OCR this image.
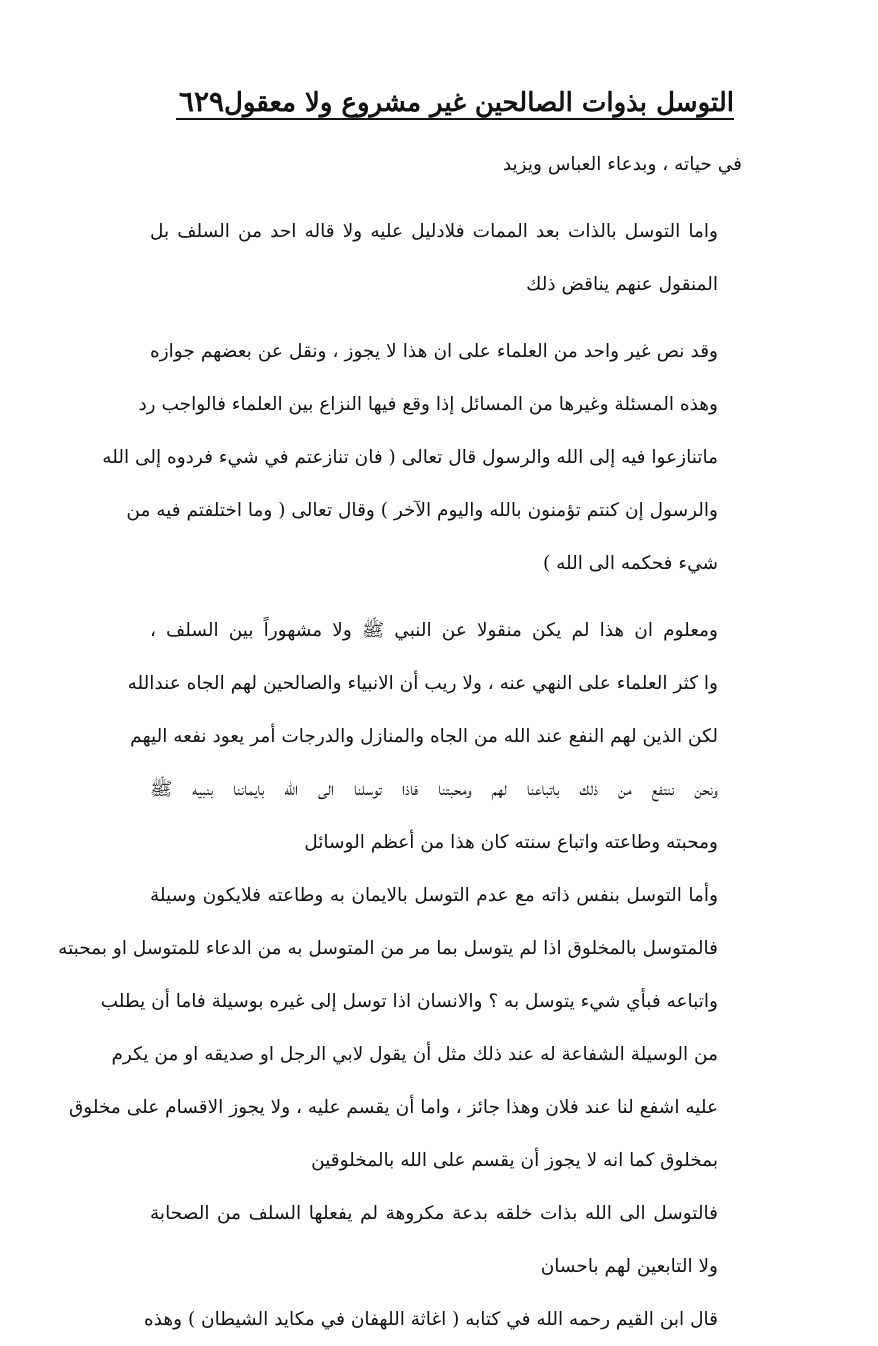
التوسل بذوات الصالحين غير مشروع ولا معقول
٦٢٩

في حياته ، وبدعاء العباس ويزيد

واما التوسل بالذات بعد الممات فلادليل عليه ولا قاله احد من السلف بل
المنقول عنهم يناقض ذلك

وقد نص غير واحد من العلماء على ان هذا لا يجوز ، ونقل عن بعضهم جوازه
وهذه المسئلة وغيرها من المسائل إذا وقع فيها النزاع بين العلماء فالواجب رد
ماتنازعوا فيه إلى الله والرسول قال تعالى ( فان تنازعتم في شيء فردوه إلى الله
والرسول إن كنتم تؤمنون بالله واليوم الآخر ) وقال تعالى ( وما اختلفتم فيه من
شيء فحكمه الى الله )

ومعلوم ان هذا لم يكن منقولا عن النبي ﷺ ولا مشهوراً بين السلف ،
وا كثر العلماء على النهي عنه ، ولا ريب أن الانبياء والصالحين لهم الجاه عندالله
لكن الذين لهم النفع عند الله من الجاه والمنازل والدرجات أمر يعود نفعه اليهم
ونحن ننتفع من ذلك باتباعنا لهم ومحبتنا فاذا توسلنا الى الله بايماننا بنبيه ﷺ
ومحبته وطاعته واتباع سنته كان هذا من أعظم الوسائل

وأما التوسل بنفس ذاته مع عدم التوسل بالايمان به وطاعته فلايكون وسيلة
فالمتوسل بالمخلوق اذا لم يتوسل بما مر من المتوسل به من الدعاء للمتوسل او بمحبته
واتباعه فبأي شيء يتوسل به ؟ والانسان اذا توسل إلى غيره بوسيلة فاما أن يطلب
من الوسيلة الشفاعة له عند ذلك مثل أن يقول لابي الرجل او صديقه او من يكرم
عليه اشفع لنا عند فلان وهذا جائز ، واما أن يقسم عليه ، ولا يجوز الاقسام على مخلوق
بمخلوق كما انه لا يجوز أن يقسم على الله بالمخلوقين

فالتوسل الى الله بذات خلقه بدعة مكروهة لم يفعلها السلف من الصحابة
ولا التابعين لهم باحسان

قال ابن القيم رحمه الله في كتابه ( اغاثة اللهفان في مكايد الشيطان ) وهذه
